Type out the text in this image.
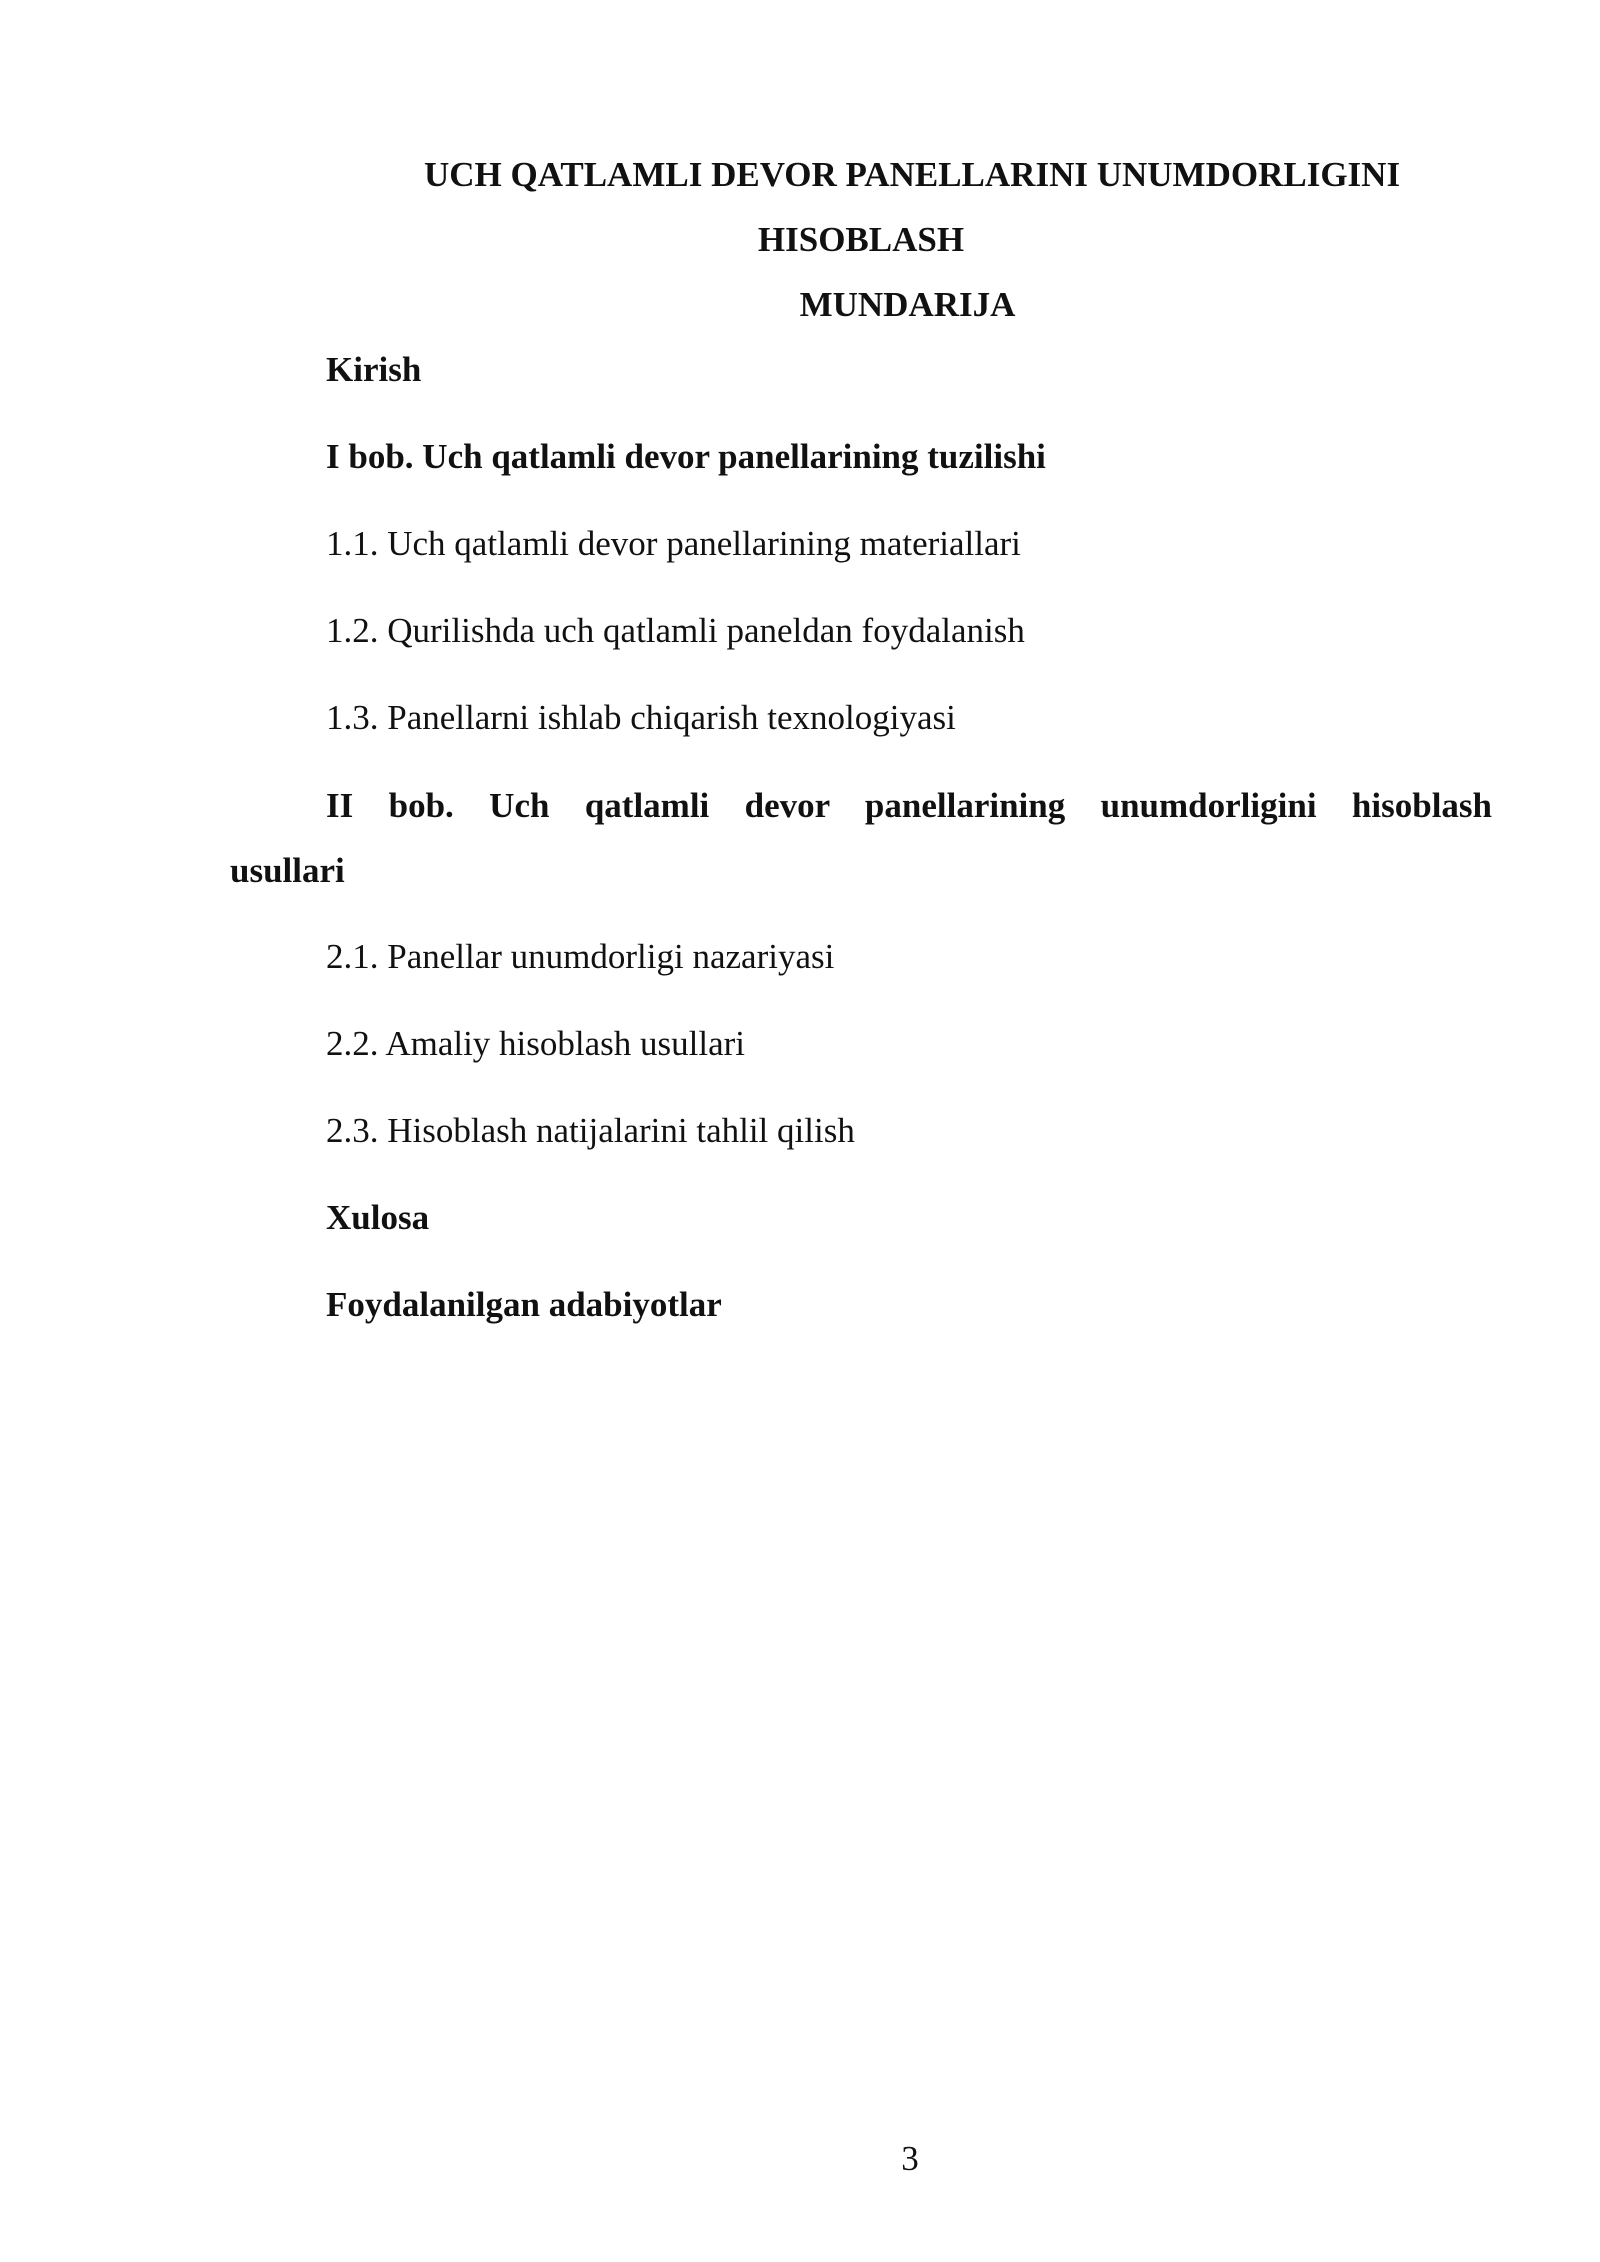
UCH QATLAMLI DEVOR PANELLARINI UNUMDORLIGINI
HISOBLASH
MUNDARIJA
Kirish
I bob. Uch qatlamli devor panellarining tuzilishi
1.1. Uch qatlamli devor panellarining materiallari
1.2. Qurilishda uch qatlamli paneldan foydalanish
1.3. Panellarni ishlab chiqarish texnologiyasi
II bob. Uch qatlamli devor panellarining unumdorligini hisoblash
usullari
2.1. Panellar unumdorligi nazariyasi
2.2. Amaliy hisoblash usullari
2.3. Hisoblash natijalarini tahlil qilish
Xulosa
Foydalanilgan adabiyotlar
3
